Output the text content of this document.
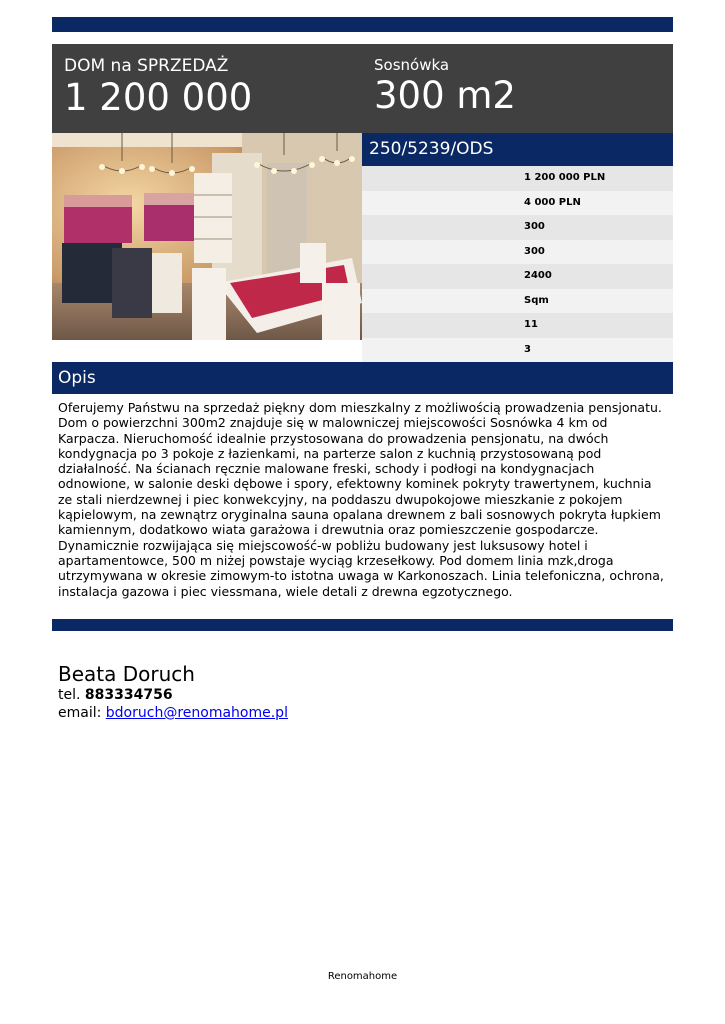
DOM na SPRZEDAŻ
1 200 000
Sosnówka
300 m2
250/5239/ODS
1 200 000 PLN
4 000 PLN
300
300
2400
Sqm
11
3
Opis
Oferujemy Państwu na sprzedaż piękny dom mieszkalny z możliwością prowadzenia pensjonatu. Dom o powierzchni 300m2 znajduje się w malowniczej miejscowości Sosnówka 4 km od Karpacza. Nieruchomość idealnie przystosowana do prowadzenia pensjonatu, na dwóch kondygnacja po 3 pokoje z łazienkami, na parterze salon z kuchnią przystosowaną pod działalność. Na ścianach ręcznie malowane freski, schody i podłogi na kondygnacjach odnowione, w salonie deski dębowe i spory, efektowny kominek pokryty trawertynem, kuchnia ze stali nierdzewnej i piec konwekcyjny, na poddaszu dwupokojowe mieszkanie z pokojem kąpielowym, na zewnątrz oryginalna sauna opalana drewnem z bali sosnowych pokryta łupkiem kamiennym, dodatkowo wiata garażowa i drewutnia oraz pomieszczenie gospodarcze. Dynamicznie rozwijająca się miejscowość-w pobliżu budowany jest luksusowy hotel i apartamentowce, 500 m niżej powstaje wyciąg krzesełkowy. Pod domem linia mzk,droga utrzymywana w okresie zimowym-to istotna uwaga w Karkonoszach. Linia telefoniczna, ochrona, instalacja gazowa i piec viessmana, wiele detali z drewna egzotycznego.
Beata Doruch
tel. 883334756
email: bdoruch@renomahome.pl
Renomahome
